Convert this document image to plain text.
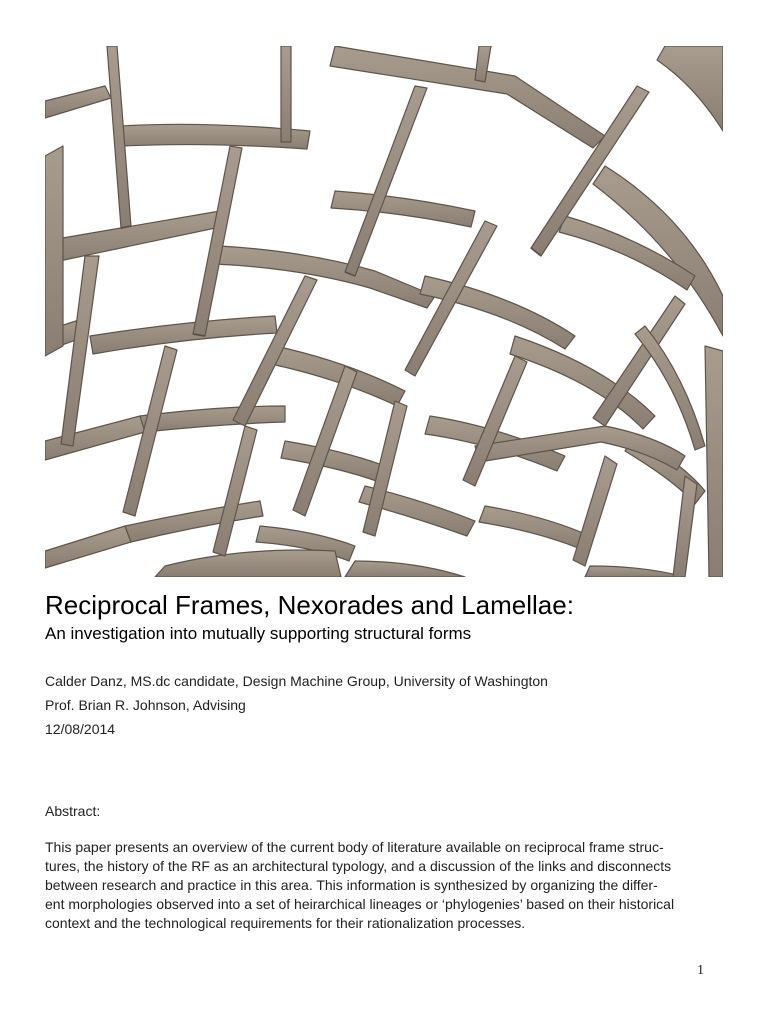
Reciprocal Frames, Nexorades and Lamellae:
An investigation into mutually supporting structural forms
Calder Danz, MS.dc candidate, Design Machine Group, University of Washington
Prof. Brian R. Johnson, Advising
12/08/2014
Abstract:

This paper presents an overview of the current body of literature available on reciprocal frame struc-
tures, the history of the RF as an architectural typology, and a discussion of the links and disconnects
between research and practice in this area. This information is synthesized by organizing the differ-
ent morphologies observed into a set of heirarchical lineages or ‘phylogenies’ based on their historical
context and the technological requirements for their rationalization processes.

1
